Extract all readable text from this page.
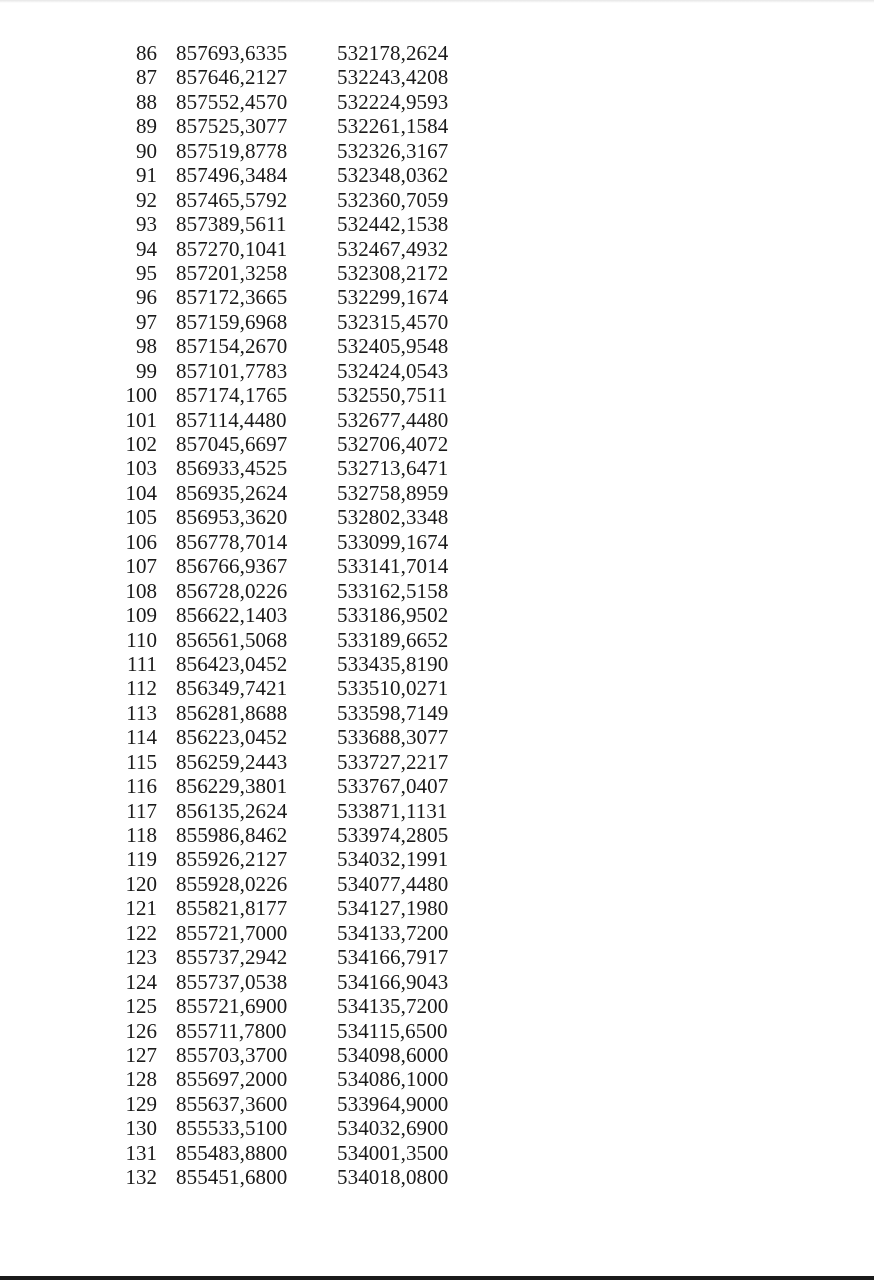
86 857693,6335 532178,2624
87 857646,2127 532243,4208
88 857552,4570 532224,9593
89 857525,3077 532261,1584
90 857519,8778 532326,3167
91 857496,3484 532348,0362
92 857465,5792 532360,7059
93 857389,5611 532442,1538
94 857270,1041 532467,4932
95 857201,3258 532308,2172
96 857172,3665 532299,1674
97 857159,6968 532315,4570
98 857154,2670 532405,9548
99 857101,7783 532424,0543
100 857174,1765 532550,7511
101 857114,4480 532677,4480
102 857045,6697 532706,4072
103 856933,4525 532713,6471
104 856935,2624 532758,8959
105 856953,3620 532802,3348
106 856778,7014 533099,1674
107 856766,9367 533141,7014
108 856728,0226 533162,5158
109 856622,1403 533186,9502
110 856561,5068 533189,6652
111 856423,0452 533435,8190
112 856349,7421 533510,0271
113 856281,8688 533598,7149
114 856223,0452 533688,3077
115 856259,2443 533727,2217
116 856229,3801 533767,0407
117 856135,2624 533871,1131
118 855986,8462 533974,2805
119 855926,2127 534032,1991
120 855928,0226 534077,4480
121 855821,8177 534127,1980
122 855721,7000 534133,7200
123 855737,2942 534166,7917
124 855737,0538 534166,9043
125 855721,6900 534135,7200
126 855711,7800 534115,6500
127 855703,3700 534098,6000
128 855697,2000 534086,1000
129 855637,3600 533964,9000
130 855533,5100 534032,6900
131 855483,8800 534001,3500
132 855451,6800 534018,0800
